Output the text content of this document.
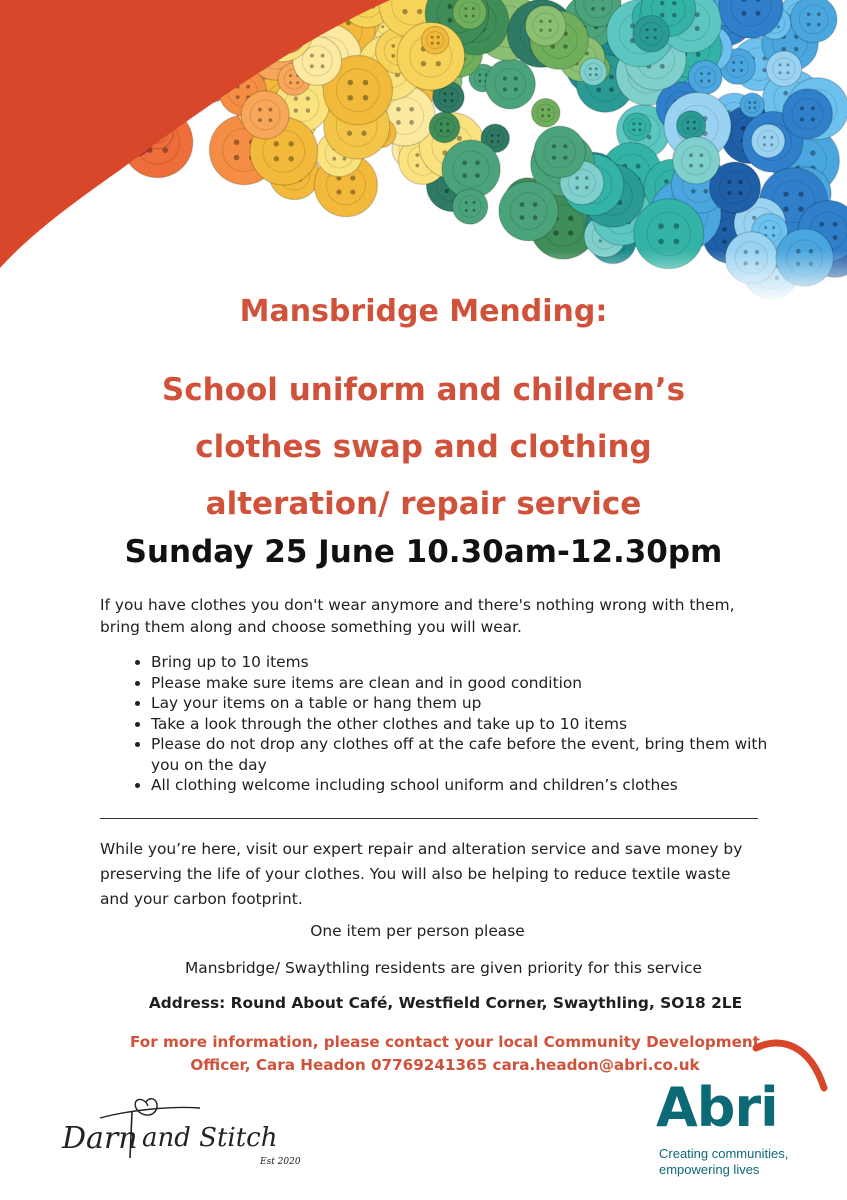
Mansbridge Mending:
School uniform and children’s
clothes swap and clothing
alteration/ repair service
Sunday 25 June 10.30am-12.30pm
If you have clothes you don't wear anymore and there's nothing wrong with them,
bring them along and choose something you will wear.
• Bring up to 10 items
• Please make sure items are clean and in good condition
• Lay your items on a table or hang them up
• Take a look through the other clothes and take up to 10 items
• Please do not drop any clothes off at the cafe before the event, bring them with you on the day
• All clothing welcome including school uniform and children’s clothes
While you’re here, visit our expert repair and alteration service and save money by
preserving the life of your clothes. You will also be helping to reduce textile waste
and your carbon footprint.

One item per person please

Mansbridge/ Swaythling residents are given priority for this service

Address: Round About Café, Westfield Corner, Swaythling, SO18 2LE

For more information, please contact your local Community Development
Officer, Cara Headon 07769241365 cara.headon@abri.co.uk
Darn and Stitch
Est 2020
Abri
Creating communities,
empowering lives
